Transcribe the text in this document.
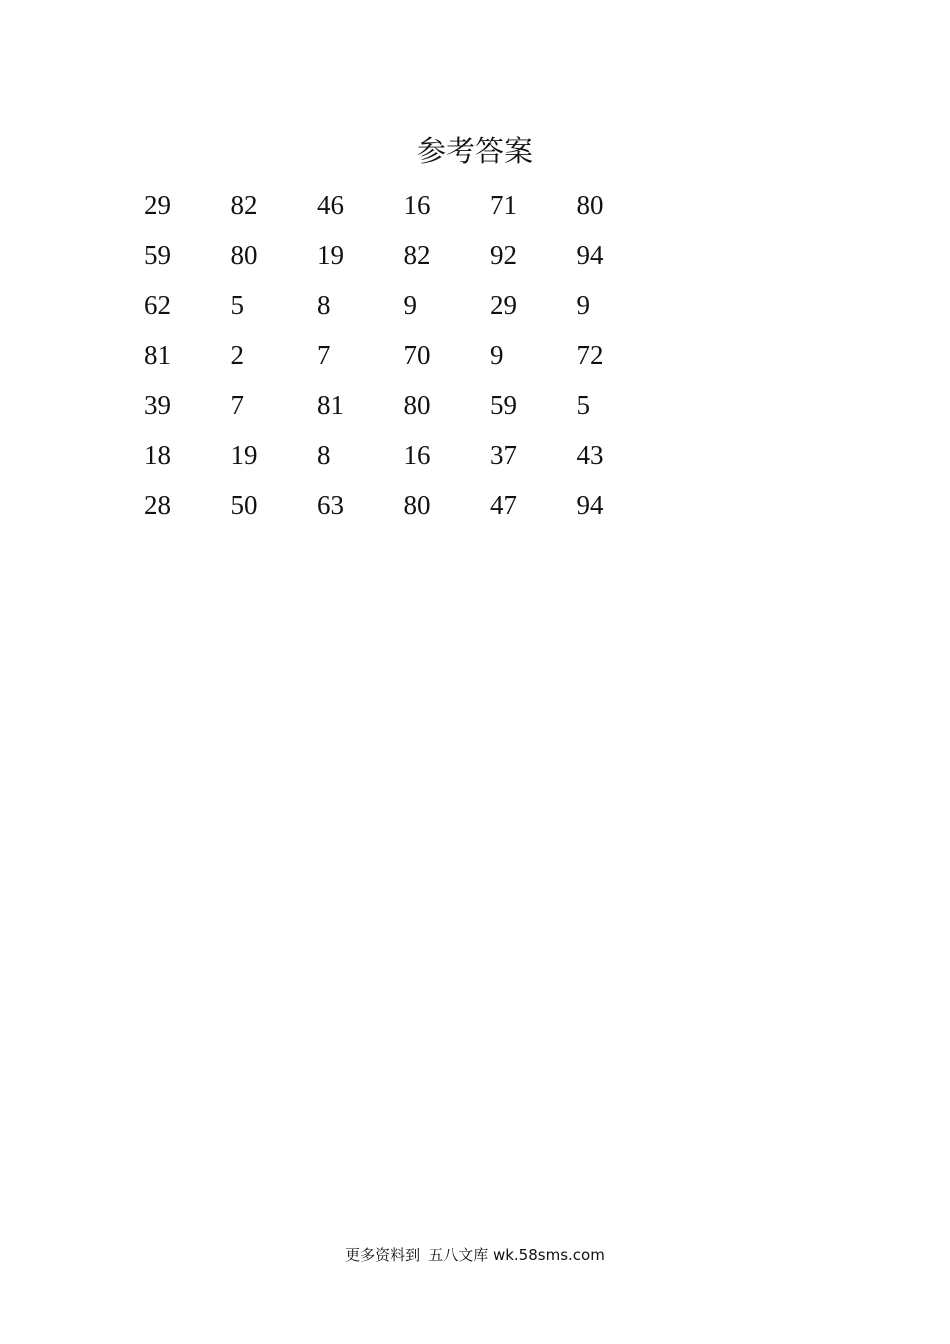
参考答案
29	82	46	16	71	80
59	80	19	82	92	94
62	5	8	9	29	9
81	2	7	70	9	72
39	7	81	80	59	5
18	19	8	16	37	43
28	50	63	80	47	94
更多资料到 五八文库 wk.58sms.com
